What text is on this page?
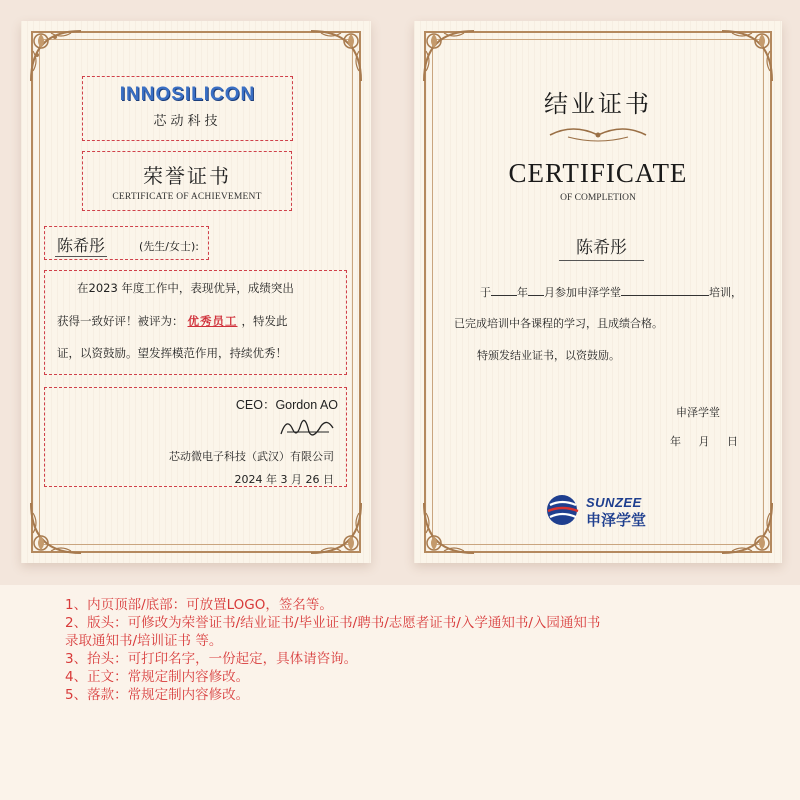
INNOSILICON
芯动科技
荣誉证书
CERTIFICATE OF ACHIEVEMENT
陈希彤	(先生/女士):
在2023 年度工作中，表现优异，成绩突出
获得一致好评！被评为： 优秀员工 ，特发此
证，以资鼓励。望发挥模范作用，持续优秀！
CEO：Gordon AO
芯动微电子科技（武汉）有限公司
2024 年 3 月 26 日
结业证书
CERTIFICATE
OF COMPLETION
陈希彤
于 年 月参加申泽学堂	培训，
已完成培训中各课程的学习，且成绩合格。
特颁发结业证书，以资鼓励。
申泽学堂
年 月 日
SUNZEE
申泽学堂
1、内页顶部/底部：可放置LOGO，签名等。
2、版头：可修改为荣誉证书/结业证书/毕业证书/聘书/志愿者证书/入学通知书/入园通知书
录取通知书/培训证书 等。
3、抬头：可打印名字，一份起定，具体请咨询。
4、正文：常规定制内容修改。
5、落款：常规定制内容修改。
